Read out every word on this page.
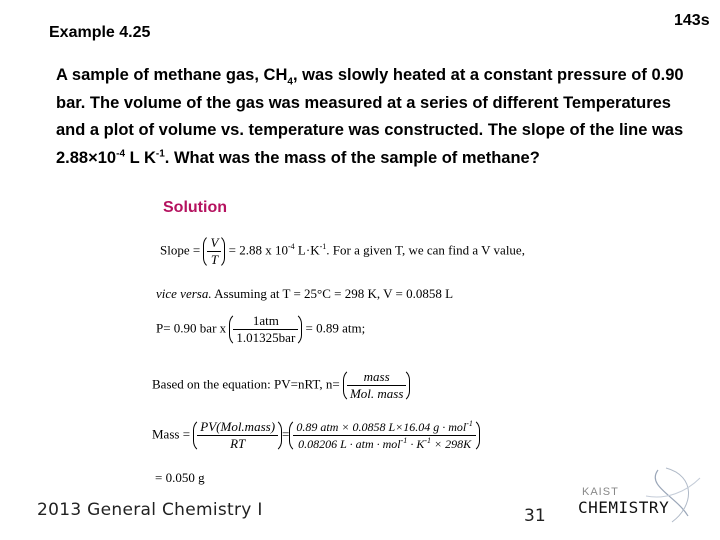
Example 4.25
143s
A sample of methane gas, $CH_4$, was slowly heated at a constant pressure of 0.90 bar. The volume of the gas was measured at a series of different Temperatures and a plot of volume vs. temperature was constructed. The slope of the line was $2.88\times 10^{-4}$ L $K^{-1}$. What was the mass of the sample of methane?
Solution
Slope = $\frac{V}{T} = 2.88$ x $10^{-4}$ $L\cdot K^{-1}$. For a given T, we can find a V value,
vice versa. Assuming at T = 25°C = 298 K, V = 0.0858 L
P= 0.90 bar x $\frac{\text{1atm}}{\text{1.01325bar}} = 0.89$ atm;
Based on the equation: PV=nRT, $n= \frac{\text{mass}}{\text{Mol. mass}}$
Mass = $\frac{\text{PV(Mol.mass)}}{RT} = \frac{0.89 atm \times 0.0858 L\times 16.04 g \cdot mol^{-1}}{0.08206 L \cdot atm \cdot mol^{-1} \cdot K^{-1} \times 298K}$
= 0.050 g
2013 General Chemistry I	31
KAIST
CHEMISTRY
